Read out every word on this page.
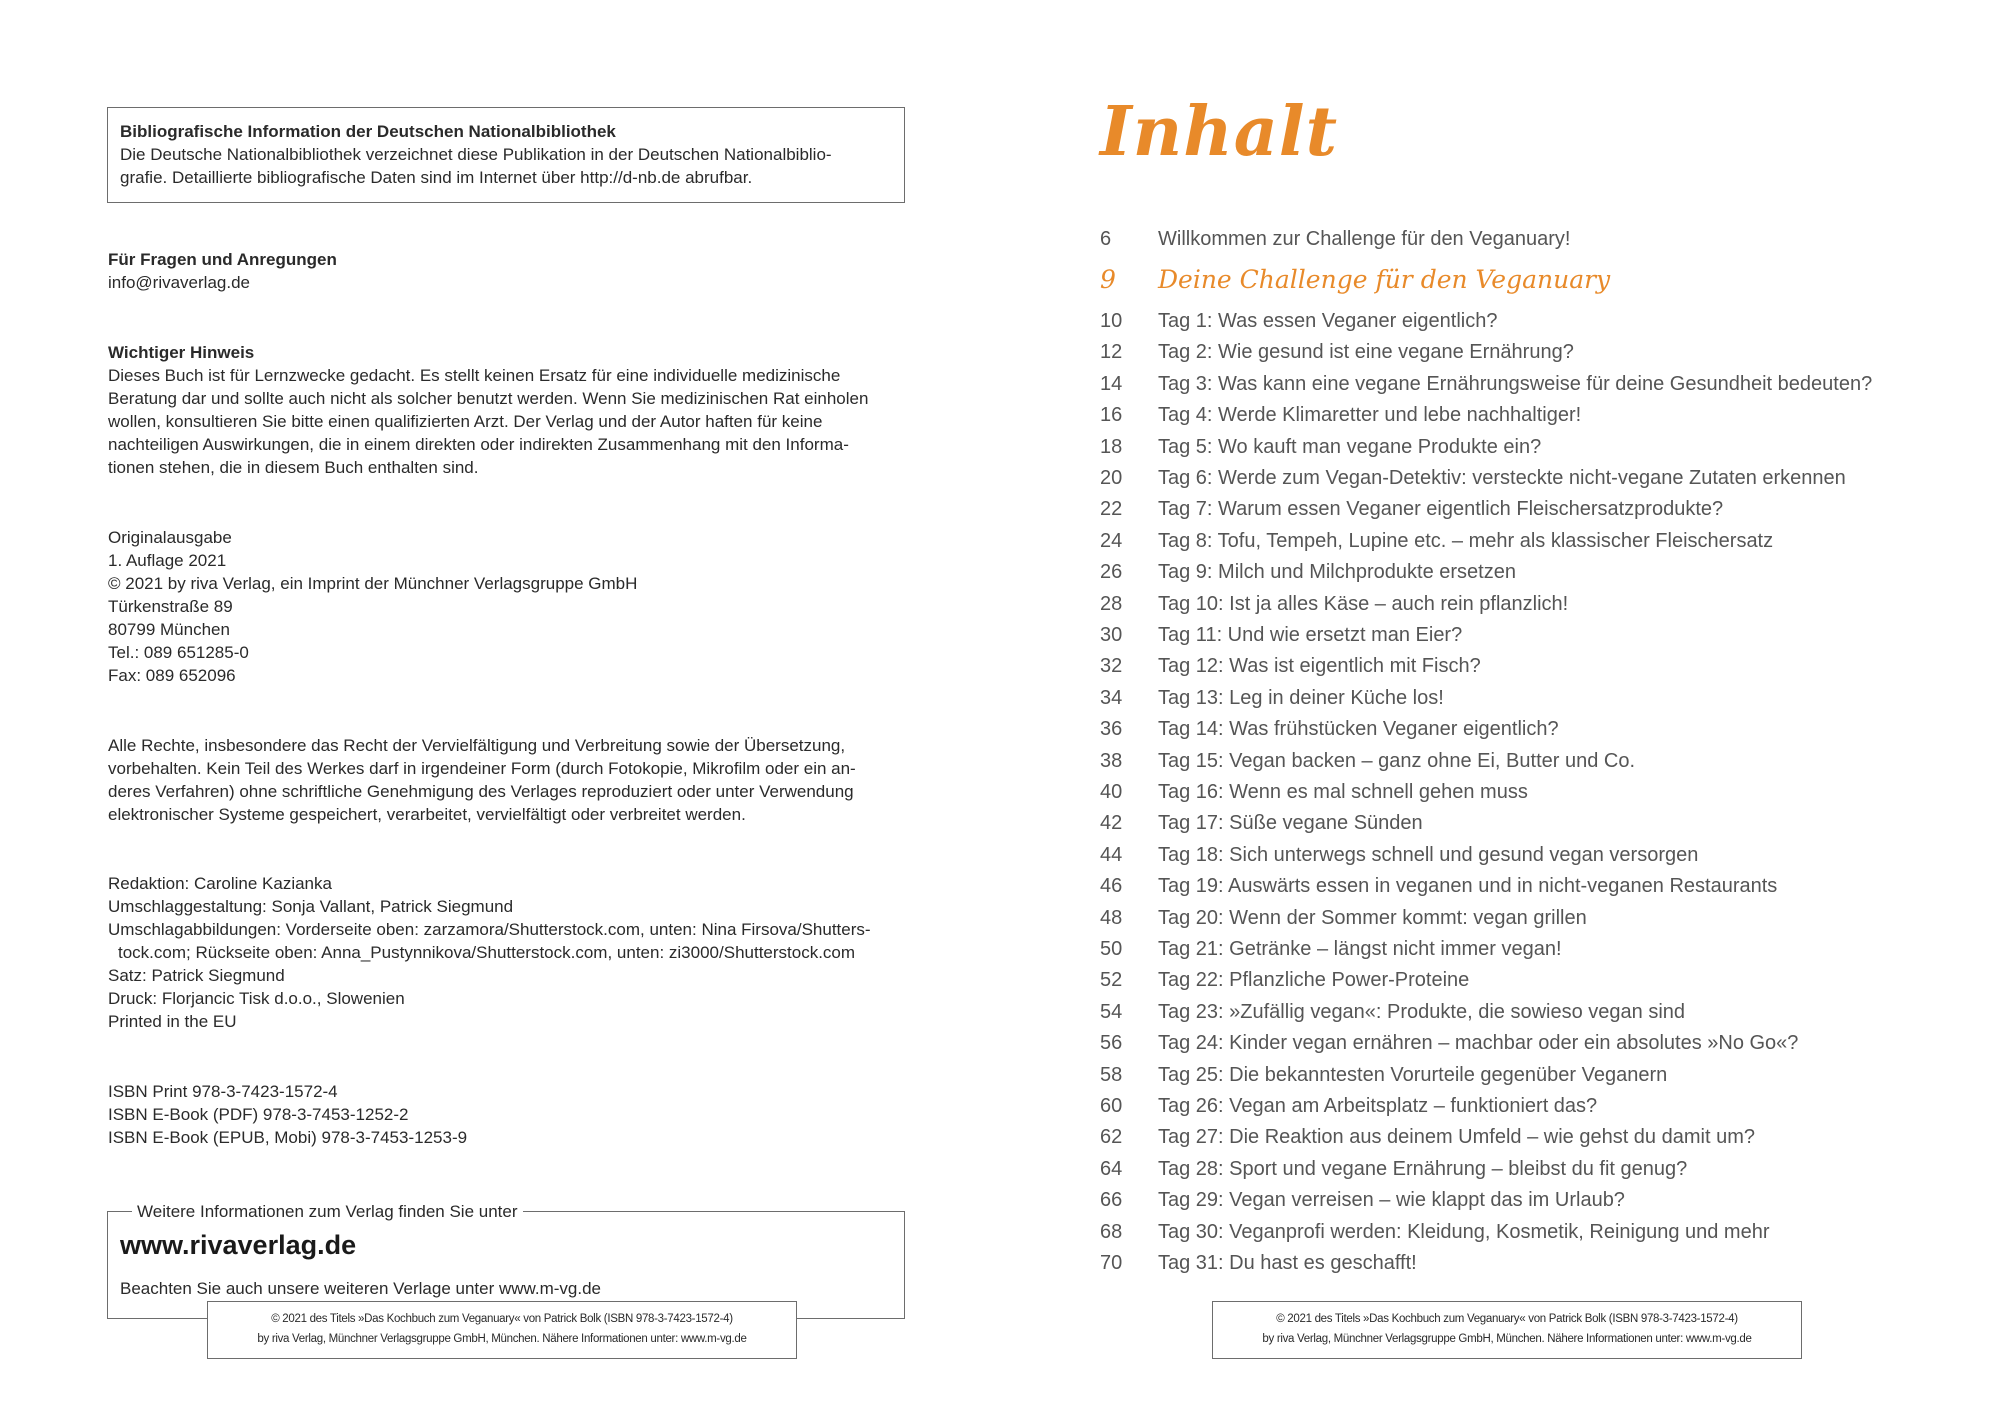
Bibliografische Information der Deutschen Nationalbibliothek
Die Deutsche Nationalbibliothek verzeichnet diese Publikation in der Deutschen Nationalbiblio-
grafie. Detaillierte bibliografische Daten sind im Internet über http://d-nb.de abrufbar.

Für Fragen und Anregungen

info@rivaverlag.de

Wichtiger Hinweis

Dieses Buch ist für Lernzwecke gedacht. Es stellt keinen Ersatz für eine individuelle medizinische

Beratung dar und sollte auch nicht als solcher benutzt werden. Wenn Sie medizinischen Rat einholen

wollen, konsultieren Sie bitte einen qualifizierten Arzt. Der Verlag und der Autor haften für keine

nachteiligen Auswirkungen, die in einem direkten oder indirekten Zusammenhang mit den Informa-

tionen stehen, die in diesem Buch enthalten sind.

Originalausgabe

1. Auflage 2021

© 2021 by riva Verlag, ein Imprint der Münchner Verlagsgruppe GmbH

Türkenstraße 89

80799 München

Tel.: 089 651285-0

Fax: 089 652096

Alle Rechte, insbesondere das Recht der Vervielfältigung und Verbreitung sowie der Übersetzung,

vorbehalten. Kein Teil des Werkes darf in irgendeiner Form (durch Fotokopie, Mikrofilm oder ein an-

deres Verfahren) ohne schriftliche Genehmigung des Verlages reproduziert oder unter Verwendung

elektronischer Systeme gespeichert, verarbeitet, vervielfältigt oder verbreitet werden.

Redaktion: Caroline Kazianka

Umschlaggestaltung: Sonja Vallant, Patrick Siegmund

Umschlagabbildungen: Vorderseite oben: zarzamora/Shutterstock.com, unten: Nina Firsova/Shutters-

tock.com; Rückseite oben: Anna_Pustynnikova/Shutterstock.com, unten: zi3000/Shutterstock.com

Satz: Patrick Siegmund

Druck: Florjancic Tisk d.o.o., Slowenien

Printed in the EU

ISBN Print 978-3-7423-1572-4

ISBN E-Book (PDF) 978-3-7453-1252-2

ISBN E-Book (EPUB, Mobi) 978-3-7453-1253-9

Weitere Informationen zum Verlag finden Sie unter
www.rivaverlag.de
Beachten Sie auch unsere weiteren Verlage unter www.m-vg.de
© 2021 des Titels »Das Kochbuch zum Veganuary« von Patrick Bolk (ISBN 978-3-7423-1572-4)
by riva Verlag, Münchner Verlagsgruppe GmbH, München. Nähere Informationen unter: www.m-vg.de
Inhalt
6 Willkommen zur Challenge für den Veganuary!
9 Deine Challenge für den Veganuary
10 Tag 1: Was essen Veganer eigentlich?
12 Tag 2: Wie gesund ist eine vegane Ernährung?
14 Tag 3: Was kann eine vegane Ernährungsweise für deine Gesundheit bedeuten?
16 Tag 4: Werde Klimaretter und lebe nachhaltiger!
18 Tag 5: Wo kauft man vegane Produkte ein?
20 Tag 6: Werde zum Vegan-Detektiv: versteckte nicht-vegane Zutaten erkennen
22 Tag 7: Warum essen Veganer eigentlich Fleischersatzprodukte?
24 Tag 8: Tofu, Tempeh, Lupine etc. – mehr als klassischer Fleischersatz
26 Tag 9: Milch und Milchprodukte ersetzen
28 Tag 10: Ist ja alles Käse – auch rein pflanzlich!
30 Tag 11: Und wie ersetzt man Eier?
32 Tag 12: Was ist eigentlich mit Fisch?
34 Tag 13: Leg in deiner Küche los!
36 Tag 14: Was frühstücken Veganer eigentlich?
38 Tag 15: Vegan backen – ganz ohne Ei, Butter und Co.
40 Tag 16: Wenn es mal schnell gehen muss
42 Tag 17: Süße vegane Sünden
44 Tag 18: Sich unterwegs schnell und gesund vegan versorgen
46 Tag 19: Auswärts essen in veganen und in nicht-veganen Restaurants
48 Tag 20: Wenn der Sommer kommt: vegan grillen
50 Tag 21: Getränke – längst nicht immer vegan!
52 Tag 22: Pflanzliche Power-Proteine
54 Tag 23: »Zufällig vegan«: Produkte, die sowieso vegan sind
56 Tag 24: Kinder vegan ernähren – machbar oder ein absolutes »No Go«?
58 Tag 25: Die bekanntesten Vorurteile gegenüber Veganern
60 Tag 26: Vegan am Arbeitsplatz – funktioniert das?
62 Tag 27: Die Reaktion aus deinem Umfeld – wie gehst du damit um?
64 Tag 28: Sport und vegane Ernährung – bleibst du fit genug?
66 Tag 29: Vegan verreisen – wie klappt das im Urlaub?
68 Tag 30: Veganprofi werden: Kleidung, Kosmetik, Reinigung und mehr
70 Tag 31: Du hast es geschafft!
© 2021 des Titels »Das Kochbuch zum Veganuary« von Patrick Bolk (ISBN 978-3-7423-1572-4)
by riva Verlag, Münchner Verlagsgruppe GmbH, München. Nähere Informationen unter: www.m-vg.de
